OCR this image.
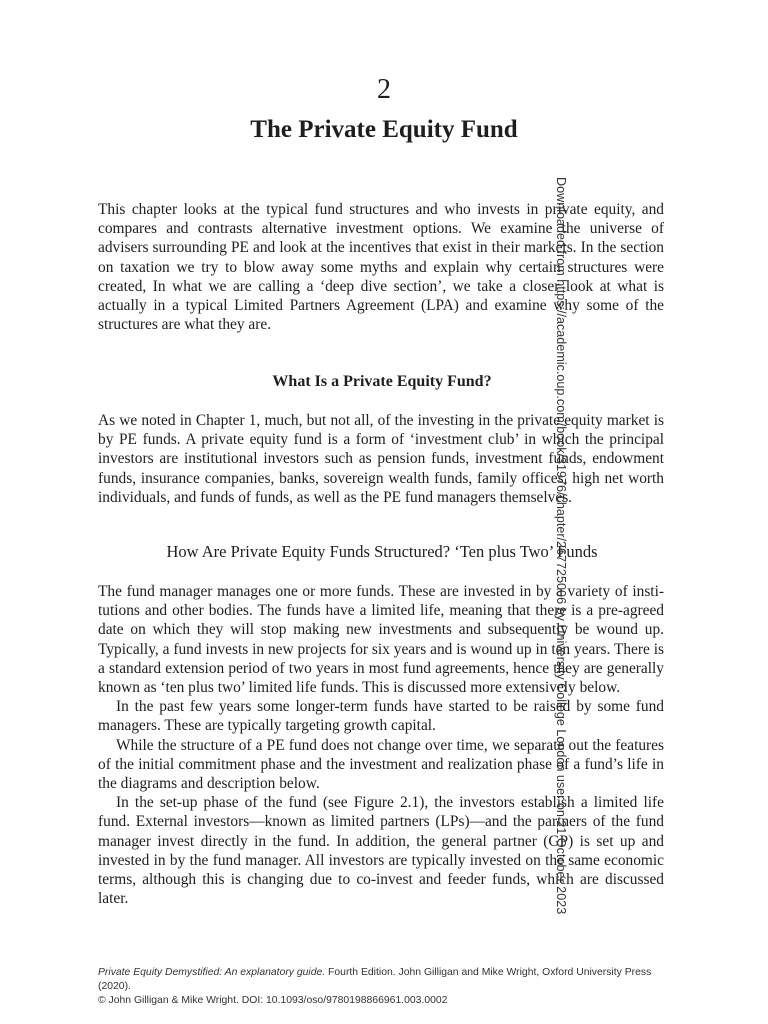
2
The Private Equity Fund

This chapter looks at the typical fund structures and who invests in private equity, and compares and contrasts alternative investment options. We examine the universe of advisers surrounding PE and look at the incentives that exist in their markets. In the section on taxation we try to blow away some myths and explain why certain structures were created, In what we are calling a ‘deep dive section’, we take a closer look at what is actually in a typical Limited Partners Agreement (LPA) and examine why some of the structures are what they are.

What Is a Private Equity Fund?

As we noted in Chapter 1, much, but not all, of the investing in the private equity market is by PE funds. A private equity fund is a form of ‘investment club’ in which the principal investors are institutional investors such as pension funds, investment funds, endowment funds, insurance companies, banks, sovereign wealth funds, family offices, high net worth individuals, and funds of funds, as well as the PE fund managers themselves.

How Are Private Equity Funds Structured? ‘Ten plus Two’ Funds

The fund manager manages one or more funds. These are invested in by a variety of institutions and other bodies. The funds have a limited life, meaning that there is a pre-agreed date on which they will stop making new investments and subsequently be wound up. Typically, a fund invests in new projects for six years and is wound up in ten years. There is a standard extension period of two years in most fund agreements, hence they are generally known as ‘ten plus two’ limited life funds. This is discussed more extensively below.

In the past few years some longer-term funds have started to be raised by some fund managers. These are typically targeting growth capital.

While the structure of a PE fund does not change over time, we separate out the features of the initial commitment phase and the investment and realization phase of a fund’s life in the diagrams and description below.

In the set-up phase of the fund (see Figure 2.1), the investors establish a limited life fund. External investors—known as limited partners (LPs)—and the partners of the fund manager invest directly in the fund. In addition, the general partner (GP) is set up and invested in by the fund manager. All investors are typically invested on the same economic terms, although this is changing due to co-invest and feeder funds, which are discussed later.	Downloaded from https://academic.oup.com/book/31976/chapter/267725006 by University College London user on 21 October 2023
Private Equity Demystified: An explanatory guide. Fourth Edition. John Gilligan and Mike Wright, Oxford University Press (2020).
© John Gilligan & Mike Wright. DOI: 10.1093/oso/9780198866961.003.0002
